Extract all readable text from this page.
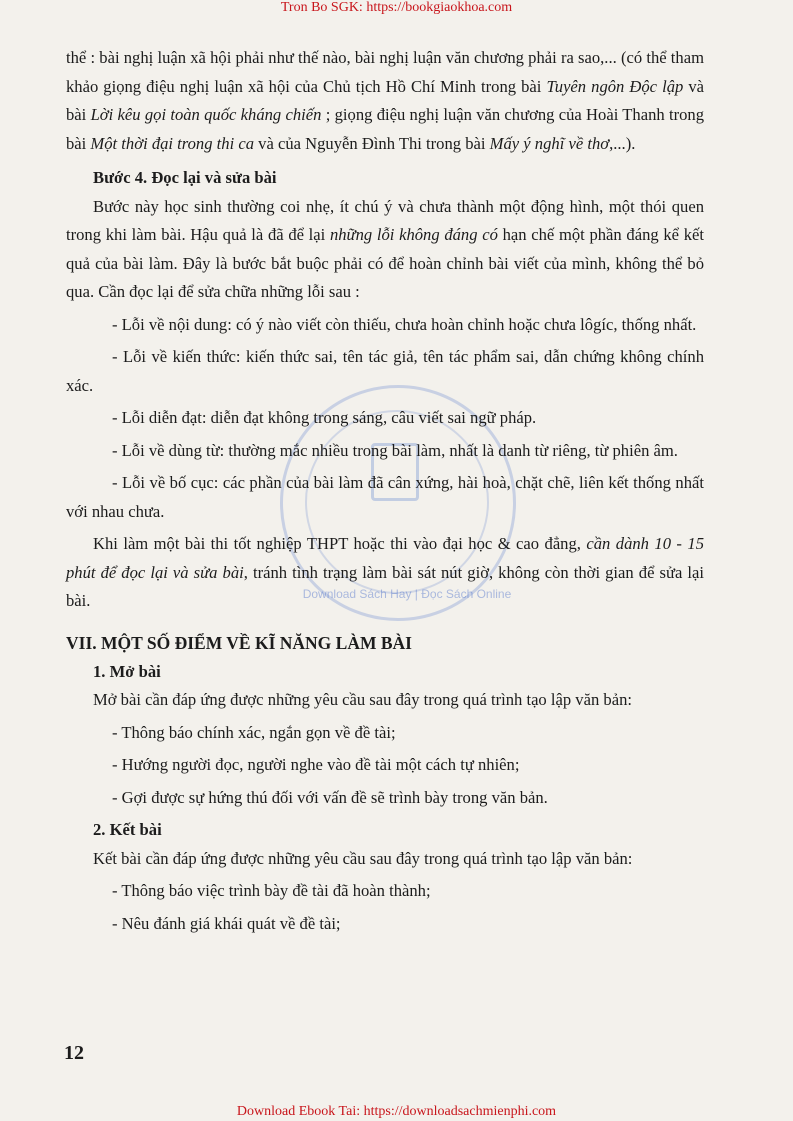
Tron Bo SGK: https://bookgiaokhoa.com
Download Sách Hay | Đọc Sách Online

thể : bài nghị luận xã hội phải như thế nào, bài nghị luận văn chương phải ra sao,... (có thể tham khảo giọng điệu nghị luận xã hội của Chủ tịch Hồ Chí Minh trong bài Tuyên ngôn Độc lập và bài Lời kêu gọi toàn quốc kháng chiến ; giọng điệu nghị luận văn chương của Hoài Thanh trong bài Một thời đại trong thi ca và của Nguyễn Đình Thi trong bài Mấy ý nghĩ về thơ,...).

Bước 4. Đọc lại và sửa bài

Bước này học sinh thường coi nhẹ, ít chú ý và chưa thành một động hình, một thói quen trong khi làm bài. Hậu quả là đã để lại những lỗi không đáng có hạn chế một phần đáng kể kết quả của bài làm. Đây là bước bắt buộc phải có để hoàn chỉnh bài viết của mình, không thể bỏ qua. Cần đọc lại để sửa chữa những lỗi sau :

- Lỗi về nội dung: có ý nào viết còn thiếu, chưa hoàn chỉnh hoặc chưa lôgíc, thống nhất.

- Lỗi về kiến thức: kiến thức sai, tên tác giả, tên tác phẩm sai, dẫn chứng không chính xác.

- Lỗi diễn đạt: diễn đạt không trong sáng, câu viết sai ngữ pháp.

- Lỗi về dùng từ: thường mắc nhiều trong bài làm, nhất là danh từ riêng, từ phiên âm.

- Lỗi về bố cục: các phần của bài làm đã cân xứng, hài hoà, chặt chẽ, liên kết thống nhất với nhau chưa.

Khi làm một bài thi tốt nghiệp THPT hoặc thi vào đại học & cao đẳng, cần dành 10 - 15 phút để đọc lại và sửa bài, tránh tình trạng làm bài sát nút giờ, không còn thời gian để sửa lại bài.

VII. MỘT SỐ ĐIỂM VỀ KĨ NĂNG LÀM BÀI
1. Mở bài

Mở bài cần đáp ứng được những yêu cầu sau đây trong quá trình tạo lập văn bản:

- Thông báo chính xác, ngắn gọn về đề tài;

- Hướng người đọc, người nghe vào đề tài một cách tự nhiên;

- Gợi được sự hứng thú đối với vấn đề sẽ trình bày trong văn bản.

2. Kết bài

Kết bài cần đáp ứng được những yêu cầu sau đây trong quá trình tạo lập văn bản:

- Thông báo việc trình bày đề tài đã hoàn thành;

- Nêu đánh giá khái quát về đề tài;

12
Download Ebook Tai: https://downloadsachmienphi.com
